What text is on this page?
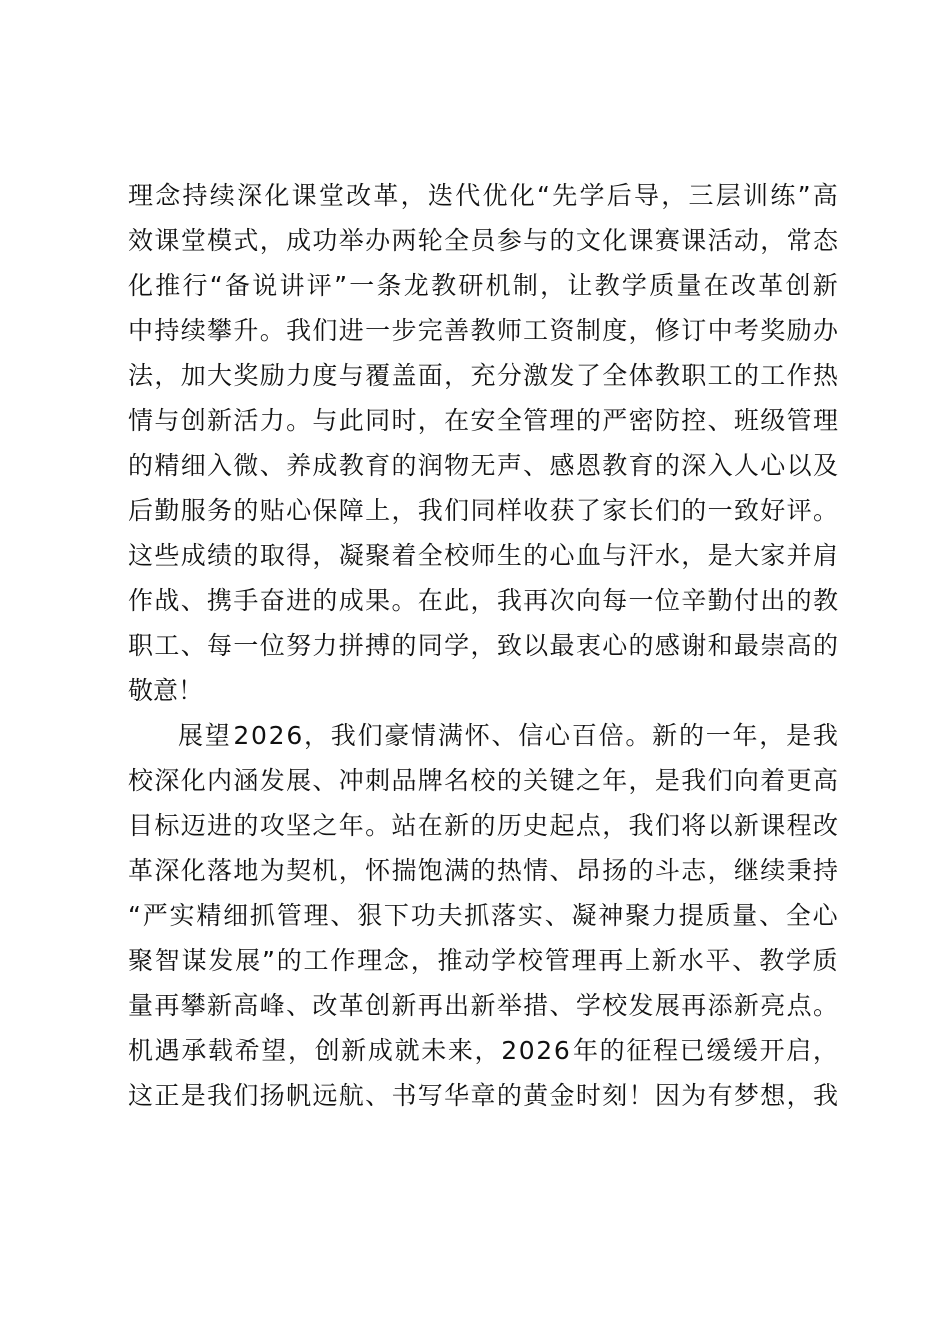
理 念 持 续 深 化 课 堂 改 革 ， 迭 代 优 化 “ 先 学 后 导 ， 三 层 训 练 ” 高
效 课 堂 模 式 ， 成 功 举 办 两 轮 全 员 参 与 的 文 化 课 赛 课 活 动 ， 常 态
化 推 行 “ 备 说 讲 评 ” 一 条 龙 教 研 机 制 ， 让 教 学 质 量 在 改 革 创 新
中 持 续 攀 升 。 我 们 进 一 步 完 善 教 师 工 资 制 度 ， 修 订 中 考 奖 励 办
法 ， 加 大 奖 励 力 度 与 覆 盖 面 ， 充 分 激 发 了 全 体 教 职 工 的 工 作 热
情 与 创 新 活 力 。 与 此 同 时 ， 在 安 全 管 理 的 严 密 防 控 、 班 级 管 理
的 精 细 入 微 、 养 成 教 育 的 润 物 无 声 、 感 恩 教 育 的 深 入 人 心 以 及
后 勤 服 务 的 贴 心 保 障 上 ， 我 们 同 样 收 获 了 家 长 们 的 一 致 好 评 。
这 些 成 绩 的 取 得 ， 凝 聚 着 全 校 师 生 的 心 血 与 汗 水 ， 是 大 家 并 肩
作 战 、 携 手 奋 进 的 成 果 。 在 此 ， 我 再 次 向 每 一 位 辛 勤 付 出 的 教
职 工 、 每 一 位 努 力 拼 搏 的 同 学 ， 致 以 最 衷 心 的 感 谢 和 最 崇 高 的
敬意！
展 望 2 0 2 6 ， 我 们 豪 情 满 怀 、 信 心 百 倍 。 新 的 一 年 ， 是 我
校 深 化 内 涵 发 展 、 冲 刺 品 牌 名 校 的 关 键 之 年 ， 是 我 们 向 着 更 高
目 标 迈 进 的 攻 坚 之 年 。 站 在 新 的 历 史 起 点 ， 我 们 将 以 新 课 程 改
革 深 化 落 地 为 契 机 ， 怀 揣 饱 满 的 热 情 、 昂 扬 的 斗 志 ， 继 续 秉 持
“ 严 实 精 细 抓 管 理 、 狠 下 功 夫 抓 落 实 、 凝 神 聚 力 提 质 量 、 全 心
聚 智 谋 发 展 ” 的 工 作 理 念 ， 推 动 学 校 管 理 再 上 新 水 平 、 教 学 质
量 再 攀 新 高 峰 、 改 革 创 新 再 出 新 举 措 、 学 校 发 展 再 添 新 亮 点 。
机 遇 承 载 希 望 ， 创 新 成 就 未 来 ， 2 0 2 6 年 的 征 程 已 缓 缓 开 启 ，
这 正 是 我 们 扬 帆 远 航 、 书 写 华 章 的 黄 金 时 刻 ！ 因 为 有 梦 想 ， 我
